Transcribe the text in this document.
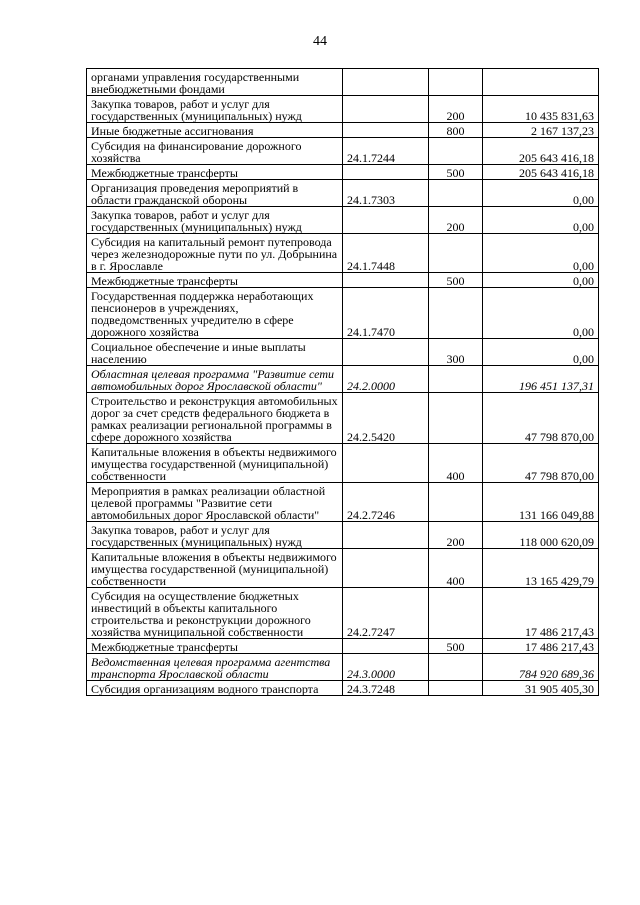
44
органами управления государственными внебюджетными фондами			
Закупка товаров, работ и услуг для государственных (муниципальных) нужд		200	10 435 831,63
Иные бюджетные ассигнования		800	2 167 137,23
Субсидия на финансирование дорожного хозяйства	24.1.7244		205 643 416,18
Межбюджетные трансферты		500	205 643 416,18
Организация проведения мероприятий в области гражданской обороны	24.1.7303		0,00
Закупка товаров, работ и услуг для государственных (муниципальных) нужд		200	0,00
Субсидия на капитальный ремонт путепровода через железнодорожные пути по ул. Добрынина в г. Ярославле	24.1.7448		0,00
Межбюджетные трансферты		500	0,00
Государственная поддержка неработающих пенсионеров в учреждениях, подведомственных учредителю в сфере дорожного хозяйства	24.1.7470		0,00
Социальное обеспечение и иные выплаты населению		300	0,00
Областная целевая программа "Развитие сети автомобильных дорог Ярославской области"	24.2.0000		196 451 137,31
Строительство и реконструкция автомобильных дорог за счет средств федерального бюджета в рамках реализации региональной программы в сфере дорожного хозяйства	24.2.5420		47 798 870,00
Капитальные вложения в объекты недвижимого имущества государственной (муниципальной) собственности		400	47 798 870,00
Мероприятия в рамках реализации областной целевой программы "Развитие сети автомобильных дорог Ярославской области"	24.2.7246		131 166 049,88
Закупка товаров, работ и услуг для государственных (муниципальных) нужд		200	118 000 620,09
Капитальные вложения в объекты недвижимого имущества государственной (муниципальной) собственности		400	13 165 429,79
Субсидия на осуществление бюджетных инвестиций в объекты капитального строительства и реконструкции дорожного хозяйства муниципальной собственности	24.2.7247		17 486 217,43
Межбюджетные трансферты		500	17 486 217,43
Ведомственная целевая программа агентства транспорта Ярославской области	24.3.0000		784 920 689,36
Субсидия организациям водного транспорта	24.3.7248		31 905 405,30
